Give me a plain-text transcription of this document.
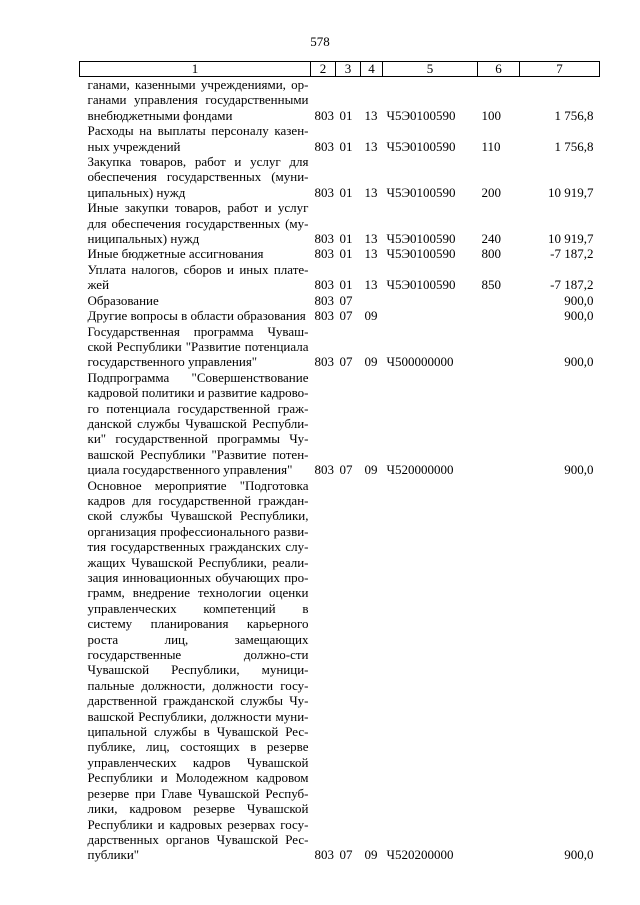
578
1	2	3	4	5	6	7
ганами, казенными учреждениями, ор-ганами управления государственными внебюджетными фондами	803	01	13	Ч5Э0100590	100	1 756,8
Расходы на выплаты персоналу казен-ных учреждений	803	01	13	Ч5Э0100590	110	1 756,8
Закупка товаров, работ и услуг для обеспечения государственных (муни-ципальных) нужд	803	01	13	Ч5Э0100590	200	10 919,7
Иные закупки товаров, работ и услуг для обеспечения государственных (му-ниципальных) нужд	803	01	13	Ч5Э0100590	240	10 919,7
Иные бюджетные ассигнования	803	01	13	Ч5Э0100590	800	-7 187,2
Уплата налогов, сборов и иных плате-жей	803	01	13	Ч5Э0100590	850	-7 187,2
Образование	803	07				900,0
Другие вопросы в области образования	803	07	09			900,0
Государственная программа Чуваш-ской Республики "Развитие потенциала государственного управления"	803	07	09	Ч500000000		900,0
Подпрограмма "Совершенствование кадровой политики и развитие кадрово-го потенциала государственной граж-данской службы Чувашской Республи-ки" государственной программы Чу-вашской Республики "Развитие потен-циала государственного управления"	803	07	09	Ч520000000		900,0
Основное мероприятие "Подготовка кадров для государственной граждан-ской службы Чувашской Республики, организация профессионального разви-тия государственных гражданских слу-жащих Чувашской Республики, реали-зация инновационных обучающих про-грамм, внедрение технологии оценки управленческих компетенций в систему планирования карьерного роста лиц, замещающих государственные должно-сти Чувашской Республики, муници-пальные должности, должности госу-дарственной гражданской службы Чу-вашской Республики, должности муни-ципальной службы в Чувашской Рес-публике, лиц, состоящих в резерве управленческих кадров Чувашской Республики и Молодежном кадровом резерве при Главе Чувашской Респуб-лики, кадровом резерве Чувашской Республики и кадровых резервах госу-дарственных органов Чувашской Рес-публики"	803	07	09	Ч520200000		900,0
